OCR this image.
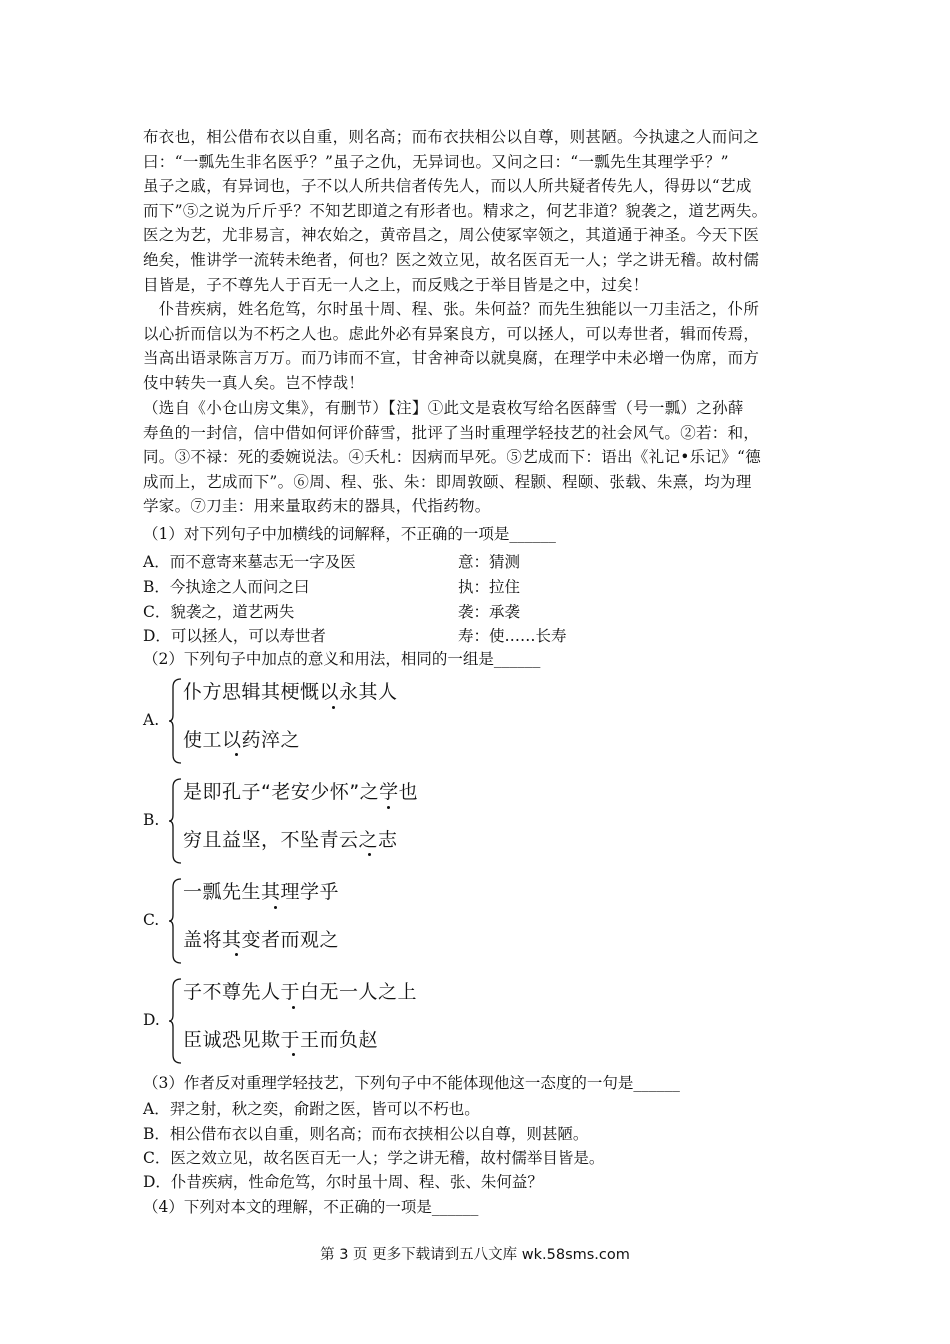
布衣也，相公借布衣以自重，则名高；而布衣扶相公以自尊，则甚陋。今执逮之人而问之
曰：“一瓢先生非名医乎？”虽子之仇，无异词也。又问之曰：“一瓢先生其理学乎？”
虽子之戚，有异词也，子不以人所共信者传先人，而以人所共疑者传先人，得毋以“艺成
而下”⑤之说为斤斤乎？不知艺即道之有形者也。精求之，何艺非道？貌袭之，道艺两失。
医之为艺，尤非易言，神农始之，黄帝昌之，周公使冢宰领之，其道通于神圣。今天下医
绝矣，惟讲学一流转未绝者，何也？医之效立见，故名医百无一人；学之讲无稽。故村儒
目皆是，子不尊先人于百无一人之上，而反贱之于举目皆是之中，过矣！
　仆昔疾病，姓名危笃，尔时虽十周、程、张。朱何益？而先生独能以一刀圭活之，仆所
以心折而信以为不朽之人也。虑此外必有异案良方，可以拯人，可以寿世者，辑而传焉，
当高出语录陈言万万。而乃讳而不宣，甘舍神奇以就臭腐，在理学中未必增一伪席，而方
伎中转失一真人矣。岂不悖哉！
（选自《小仓山房文集》，有删节）【注】①此文是袁枚写给名医薛雪（号一瓢）之孙薛
寿鱼的一封信，信中借如何评价薛雪，批评了当时重理学轻技艺的社会风气。②若：和，
同。③不禄：死的委婉说法。④夭札：因病而早死。⑤艺成而下：语出《礼记•乐记》“德
成而上，艺成而下”。⑥周、程、张、朱：即周敦颐、程颢、程颐、张载、朱熹，均为理
学家。⑦刀圭：用来量取药末的器具，代指药物。
（1）对下列句子中加横线的词解释，不正确的一项是______
A．而不意寄来墓志无一字及医	意：猜测
B．今执途之人而问之曰	执：拉住
C．貌袭之，道艺两失	袭：承袭
D．可以拯人，可以寿世者	寿：使……长寿
（2）下列句子中加点的意义和用法，相同的一组是______
A.
仆方思辑其梗慨以永其人
使工以药淬之
B.
是即孔子“老安少怀”之学也
穷且益坚，不坠青云之志
C.
一瓢先生其理学乎
盖将其变者而观之
D.
子不尊先人于白无一人之上
臣诚恐见欺于王而负赵
（3）作者反对重理学轻技艺，下列句子中不能体现他这一态度的一句是______
A．羿之射，秋之奕，俞跗之医，皆可以不朽也。
B．相公借布衣以自重，则名高；而布衣挟相公以自尊，则甚陋。
C．医之效立见，故名医百无一人；学之讲无稽，故村儒举目皆是。
D．仆昔疾病，性命危笃，尔时虽十周、程、张、朱何益？
（4）下列对本文的理解，不正确的一项是______
第 3 页 更多下载请到五八文库 wk.58sms.com
